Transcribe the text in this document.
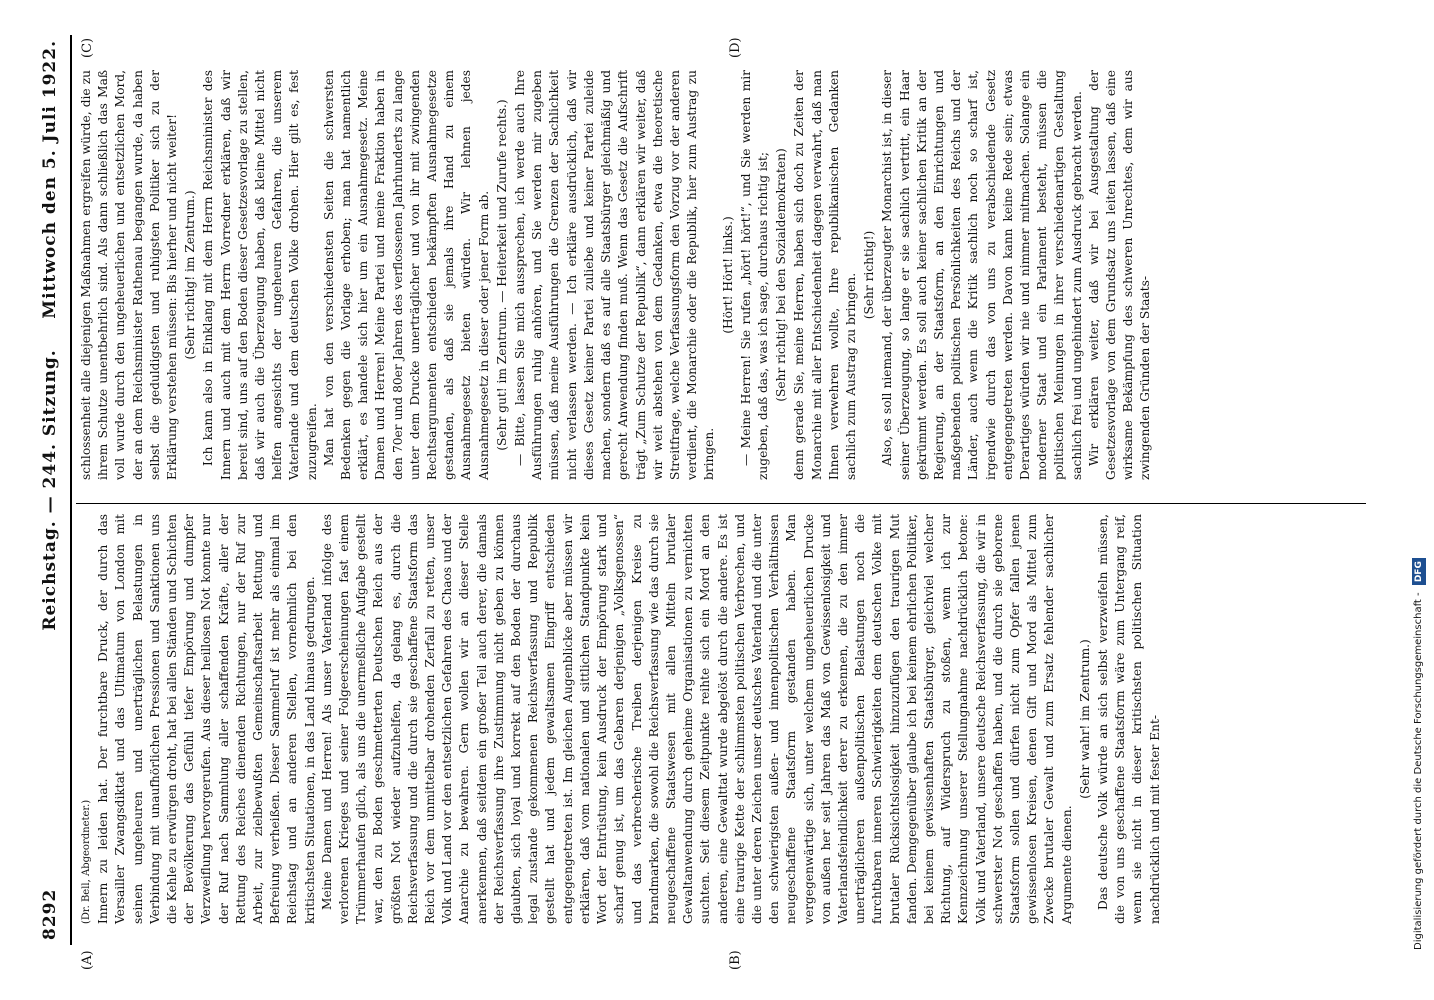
8292
Reichstag. — 244. Sitzung.
Mittwoch den 5. Juli 1922.
(A)	(B)
(C)	(D)

(Dr. Bell, Abgeordneter.) Innern zu leiden hat. Der furchtbare Druck, der durch das Versailler Zwangsdiktat und das Ultimatum von London mit seinen ungeheuren und unerträglichen Belastungen in Verbindung mit unaufhörlichen Pressionen und Sanktionen uns die Kehle zu erwürgen droht, hat bei allen Ständen und Schichten der Bevölkerung das Gefühl tiefer Empörung und dumpfer Verzweiflung hervorgerufen. Aus dieser heillosen Not konnte nur der Ruf nach Sammlung aller schaffenden Kräfte, aller der Rettung des Reiches dienenden Richtungen, nur der Ruf zur Arbeit, zur zielbewußten Gemeinschaftsarbeit Rettung und Befreiung verheißen. Dieser Sammelruf ist mehr als einmal im Reichstag und an anderen Stellen, vornehmlich bei den kritischsten Situationen, in das Land hinaus gedrungen. Meine Damen und Herren! Als unser Vaterland infolge des verlorenen Krieges und seiner Folgeerscheinungen fast einem Trümmerhaufen glich, als uns die unermeßliche Aufgabe gestellt war, den zu Boden geschmetterten Deutschen Reich aus der größten Not wieder aufzuhelfen, da gelang es, durch die Reichsverfassung und die durch sie geschaffene Staatsform das Reich vor dem unmittelbar drohenden Zerfall zu retten, unser Volk und Land vor den entsetzlichen Gefahren des Chaos und der Anarchie zu bewahren. Gern wollen wir an dieser Stelle anerkennen, daß seitdem ein großer Teil auch derer, die damals der Reichsverfassung ihre Zustimmung nicht geben zu können glaubten, sich loyal und korrekt auf den Boden der durchaus legal zustande gekommenen Reichsverfassung und Republik gestellt hat und jedem gewaltsamen Eingriff entschieden entgegengetreten ist. Im gleichen Augenblicke aber müssen wir erklären, daß vom nationalen und sittlichen Standpunkte kein Wort der Entrüstung, kein Ausdruck der Empörung stark und scharf genug ist, um das Gebaren derjenigen „Volksgenossen“ und das verbrecherische Treiben derjenigen Kreise zu brandmarken, die sowohl die Reichsverfassung wie das durch sie neugeschaffene Staatswesen mit allen Mitteln brutaler Gewaltanwendung durch geheime Organisationen zu vernichten suchten. Seit diesem Zeitpunkte reihte sich ein Mord an den anderen, eine Gewalttat wurde abgelöst durch die andere. Es ist eine traurige Kette der schlimmsten politischen Verbrechen, und die unter deren Zeichen unser deutsches Vaterland und die unter den schwierigsten außen- und innenpolitischen Verhältnissen neugeschaffene Staatsform gestanden haben. Man vergegenwärtige sich, unter welchem ungeheuerlichen Drucke von außen her seit Jahren das Maß von Gewissenlosigkeit und Vaterlandsfeindlichkeit derer zu erkennen, die zu den immer unerträglicheren außenpolitischen Belastungen noch die furchtbaren inneren Schwierigkeiten dem deutschen Volke mit brutaler Rücksichtslosigkeit hinzuzufügen den traurigen Mut fanden. Demgegenüber glaube ich bei keinem ehrlichen Politiker, bei keinem gewissenhaften Staatsbürger, gleichviel welcher Richtung, auf Widerspruch zu stoßen, wenn ich zur Kennzeichnung unserer Stellungnahme nachdrücklich betone: Volk und Vaterland, unsere deutsche Reichsverfassung, die wir in schwerster Not geschaffen haben, und die durch sie geborene Staatsform sollen und dürfen nicht zum Opfer fallen jenen gewissenlosen Kreisen, denen Gift und Mord als Mittel zum Zwecke brutaler Gewalt und zum Ersatz fehlender sachlicher Argumente dienen.

(Sehr wahr! im Zentrum.) Das deutsche Volk würde an sich selbst verzweifeln müssen, die von uns geschaffene Staatsform wäre zum Untergang reif, wenn sie nicht in dieser kritischsten politischen Situation nachdrücklich und mit fester Ent-

schlossenheit alle diejenigen Maßnahmen ergreifen würde, die zu ihrem Schutze unentbehrlich sind. Als dann schließlich das Maß voll wurde durch den ungeheuerlichen und entsetzlichen Mord, der an dem Reichsminister Rathenau begangen wurde, da haben selbst die geduldigsten und ruhigsten Politiker sich zu der Erklärung verstehen müssen: Bis hierher und nicht weiter! (Sehr richtig! im Zentrum.) Ich kann also in Einklang mit dem Herrn Reichsminister des Innern und auch mit dem Herrn Vorredner erklären, daß wir bereit sind, uns auf den Boden dieser Gesetzesvorlage zu stellen, daß wir auch die Überzeugung haben, daß kleine Mittel nicht helfen angesichts der ungeheuren Gefahren, die unserem Vaterlande und dem deutschen Volke drohen. Hier gilt es, fest zuzugreifen. Man hat von den verschiedensten Seiten die schwersten Bedenken gegen die Vorlage erhoben; man hat namentlich erklärt, es handele sich hier um ein Ausnahmegesetz. Meine Damen und Herren! Meine Partei und meine Fraktion haben in den 70er und 80er Jahren des verflossenen Jahrhunderts zu lange unter dem Drucke unerträglicher und von ihr mit zwingenden Rechtsargumenten entschieden bekämpften Ausnahmegesetze gestanden, als daß sie jemals ihre Hand zu einem Ausnahmegesetz bieten würden. Wir lehnen jedes Ausnahmegesetz in dieser oder jener Form ab. (Sehr gut! im Zentrum. — Heiterkeit und Zurufe rechts.) — Bitte, lassen Sie mich aussprechen, ich werde auch Ihre Ausführungen ruhig anhören, und Sie werden mir zugeben müssen, daß meine Ausführungen die Grenzen der Sachlichkeit nicht verlassen werden. — Ich erkläre ausdrücklich, daß wir dieses Gesetz keiner Partei zuliebe und keiner Partei zuleide machen, sondern daß es auf alle Staatsbürger gleichmäßig und gerecht Anwendung finden muß. Wenn das Gesetz die Aufschrift trägt „Zum Schutze der Republik“, dann erklären wir weiter, daß wir weit abstehen von dem Gedanken, etwa die theoretische Streitfrage, welche Verfassungsform den Vorzug vor der anderen verdient, die Monarchie oder die Republik, hier zum Austrag zu bringen.

(Hört! Hört! links.) — Meine Herren! Sie rufen „hört! hört!“, und Sie werden mir zugeben, daß das, was ich sage, durchaus richtig ist; (Sehr richtig! bei den Sozialdemokraten) denn gerade Sie, meine Herren, haben sich doch zu Zeiten der Monarchie mit aller Entschiedenheit dagegen verwahrt, daß man Ihnen verwehren wollte, Ihre republikanischen Gedanken sachlich zum Austrag zu bringen. (Sehr richtig!) Also, es soll niemand, der überzeugter Monarchist ist, in dieser seiner Überzeugung, so lange er sie sachlich vertritt, ein Haar gekrümmt werden. Es soll auch keiner sachlichen Kritik an der Regierung, an der Staatsform, an den Einrichtungen und maßgebenden politischen Persönlichkeiten des Reichs und der Länder, auch wenn die Kritik sachlich noch so scharf ist, irgendwie durch das von uns zu verabschiedende Gesetz entgegengetreten werden. Davon kann keine Rede sein; etwas Derartiges würden wir nie und nimmer mitmachen. Solange ein moderner Staat und ein Parlament besteht, müssen die politischen Meinungen in ihrer verschiedenartigen Gestaltung sachlich frei und ungehindert zum Ausdruck gebracht werden. Wir erklären weiter, daß wir bei Ausgestaltung der Gesetzesvorlage von dem Grundsatz uns leiten lassen, daß eine wirksame Bekämpfung des schweren Unrechtes, dem wir aus zwingenden Gründen der Staats-

Digitalisierung gefördert durch die Deutsche Forschungsgemeinschaft - DFG
